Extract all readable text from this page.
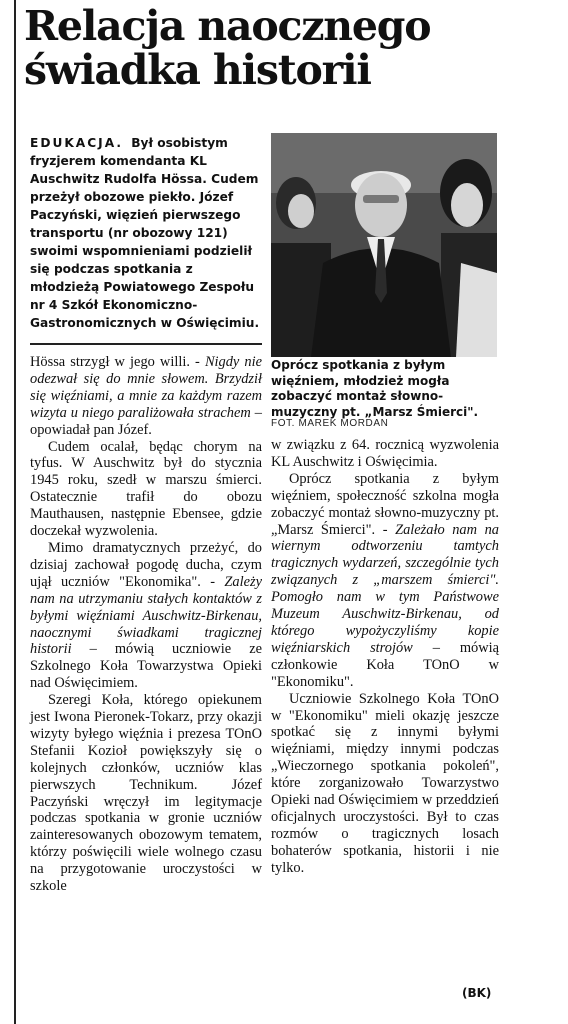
Relacja naocznego
świadka historii
EDUKACJA. Był osobistym fryzjerem komendanta KL Auschwitz Rudolfa Hössa. Cudem przeżył obozowe piekło. Józef Paczyński, więzień pierwszego transportu (nr obozowy 121) swoimi wspomnieniami podzielił się podczas spotkania z młodzieżą Powiatowego Zespołu nr 4 Szkół Ekonomiczno-Gastronomicznych w Oświęcimiu.
Oprócz spotkania z byłym więźniem, młodzież mogła zobaczyć montaż słowno-muzyczny pt. „Marsz Śmierci".
FOT. MAREK MORDAN

Hössa strzygł w jego willi. - Nigdy nie odezwał się do mnie słowem. Brzydził się więźniami, a mnie za każdym razem wizyta u niego paraliżowała strachem – opowiadał pan Józef.

Cudem ocalał, będąc chorym na tyfus. W Auschwitz był do stycznia 1945 roku, szedł w marszu śmierci. Ostatecznie trafił do obozu Mauthausen, następnie Ebensee, gdzie doczekał wyzwolenia.

Mimo dramatycznych przeżyć, do dzisiaj zachował pogodę ducha, czym ujął uczniów "Ekonomika". - Zależy nam na utrzymaniu stałych kontaktów z byłymi więźniami Auschwitz-Birkenau, naocznymi świadkami tragicznej historii – mówią uczniowie ze Szkolnego Koła Towarzystwa Opieki nad Oświęcimiem.

Szeregi Koła, którego opiekunem jest Iwona Pieronek-Tokarz, przy okazji wizyty byłego więźnia i prezesa TOnO Stefanii Kozioł powiększyły się o kolejnych członków, uczniów klas pierwszych Technikum. Józef Paczyński wręczył im legitymacje podczas spotkania w gronie uczniów zainteresowanych obozowym tematem, którzy poświęcili wiele wolnego czasu na przygotowanie uroczystości w szkole

w związku z 64. rocznicą wyzwolenia KL Auschwitz i Oświęcimia.

Oprócz spotkania z byłym więźniem, społeczność szkolna mogła zobaczyć montaż słowno-muzyczny pt. „Marsz Śmierci". - Zależało nam na wiernym odtworzeniu tamtych tragicznych wydarzeń, szczególnie tych związanych z „marszem śmierci". Pomogło nam w tym Państwowe Muzeum Auschwitz-Birkenau, od którego wypożyczyliśmy kopie więźniarskich strojów – mówią członkowie Koła TOnO w "Ekonomiku".

Uczniowie Szkolnego Koła TOnO w "Ekonomiku" mieli okazję jeszcze spotkać się z innymi byłymi więźniami, między innymi podczas „Wieczornego spotkania pokoleń", które zorganizowało Towarzystwo Opieki nad Oświęcimiem w przeddzień oficjalnych uroczystości. Był to czas rozmów o tragicznych losach bohaterów spotkania, historii i nie tylko.

(BK)
